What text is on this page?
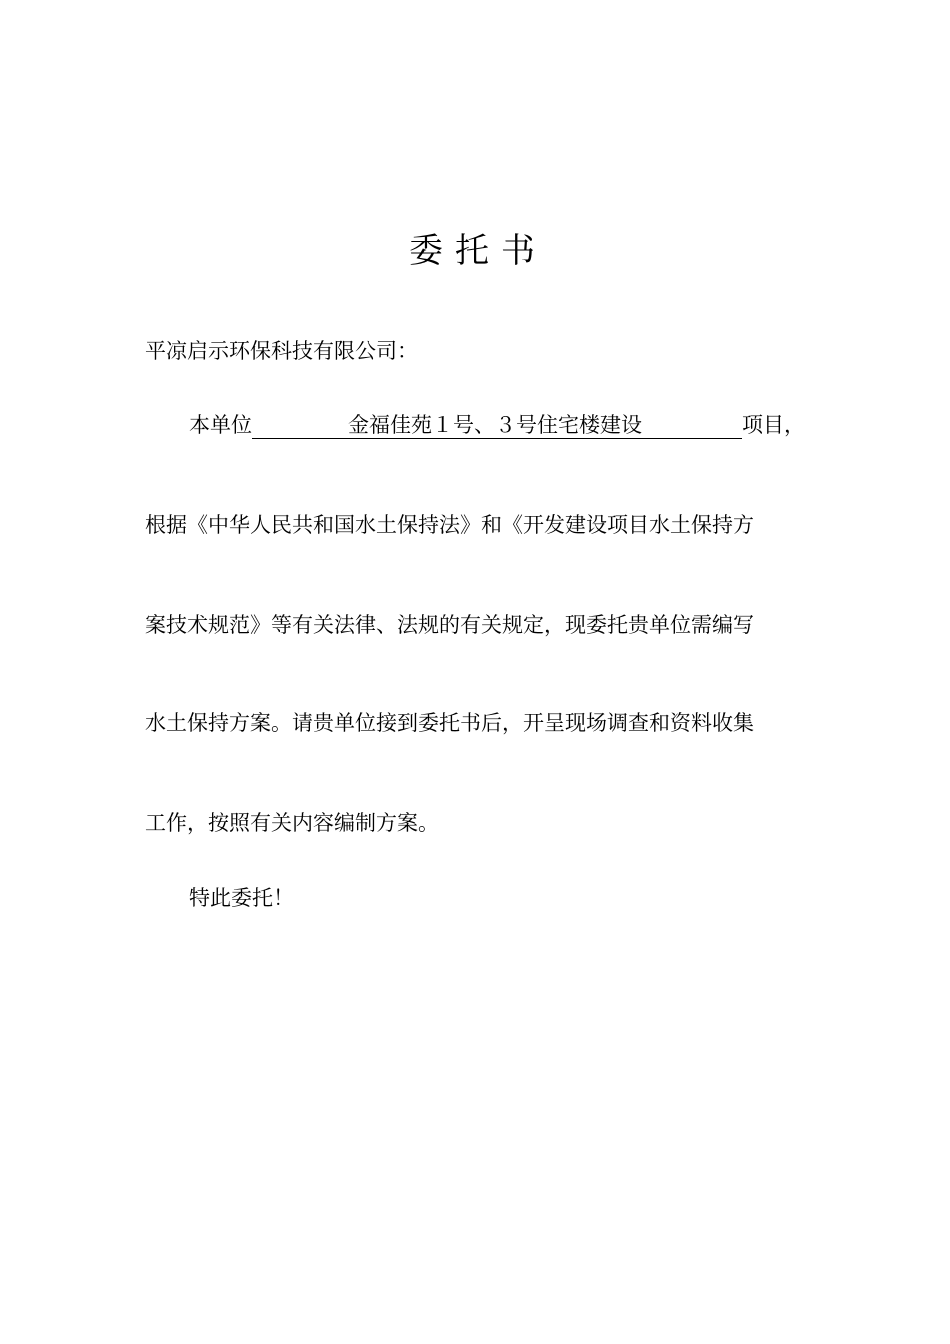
委托书
平凉启示环保科技有限公司：
本单位	金福佳苑１号、３号住宅楼建设	项目，
根据《中华人民共和国水土保持法》和《开发建设项目水土保持方
案技术规范》等有关法律、法规的有关规定，现委托贵单位需编写
水土保持方案。请贵单位接到委托书后，开呈现场调查和资料收集
工作，按照有关内容编制方案。
特此委托！
